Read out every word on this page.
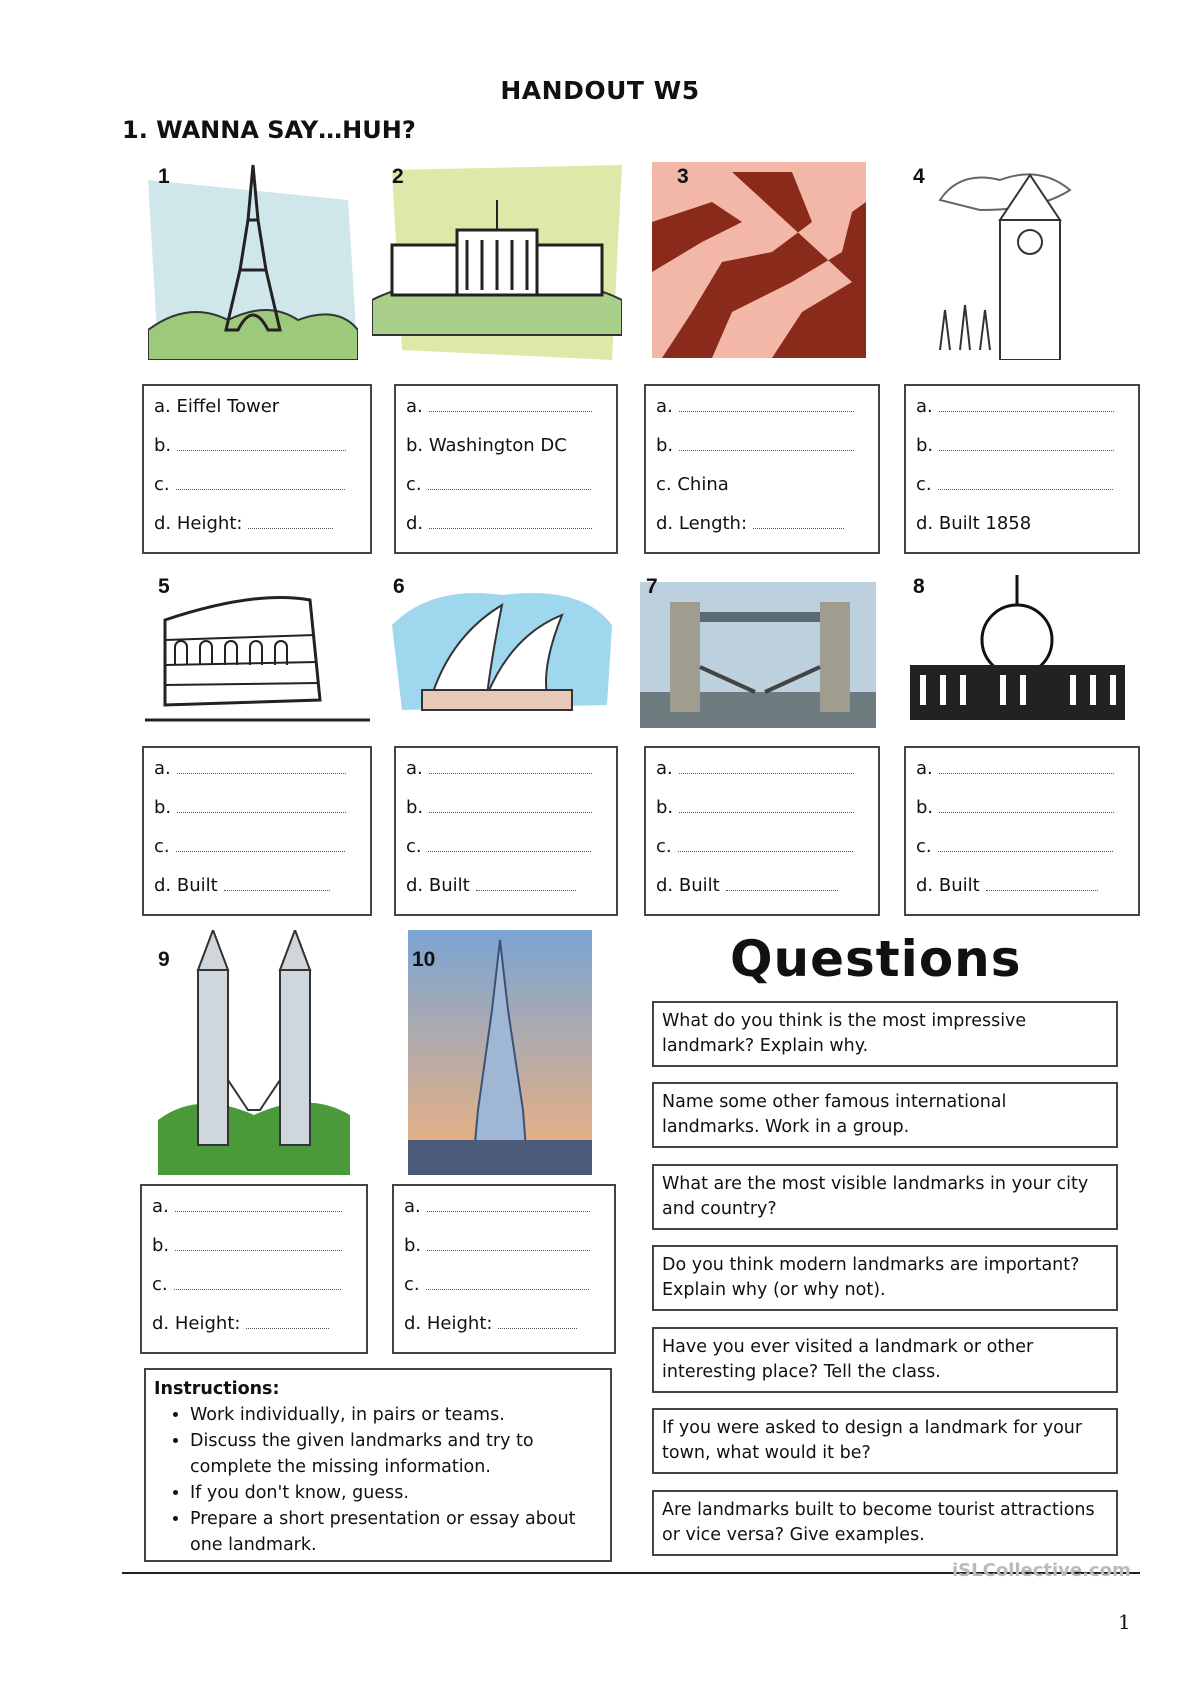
HANDOUT W5
1. WANNA SAY…HUH?
1	2	3	4
5	6	7	8
9	10
a. Eiffel Tower
b.
c.
d. Height:
a.
b. Washington DC
c.
d.
a.
b.
c. China
d. Length:
a.
b.
c.
d. Built 1858
a.
b.
c.
d. Built
a.
b.
c.
d. Built
a.
b.
c.
d. Built
a.
b.
c.
d. Built
a.
b.
c.
d. Height:
a.
b.
c.
d. Height:
Questions
What do you think is the most impressive landmark? Explain why.
Name some other famous international landmarks. Work in a group.
What are the most visible landmarks in your city and country?
Do you think modern landmarks are important? Explain why (or why not).
Have you ever visited a landmark or other interesting place? Tell the class.
If you were asked to design a landmark for your town, what would it be?
Are landmarks built to become tourist attractions or vice versa? Give examples.
Instructions:
• Work individually, in pairs or teams.
• Discuss the given landmarks and try to complete the missing information.
• If you don't know, guess.
• Prepare a short presentation or essay about one landmark.
iSLCollective.com
1
